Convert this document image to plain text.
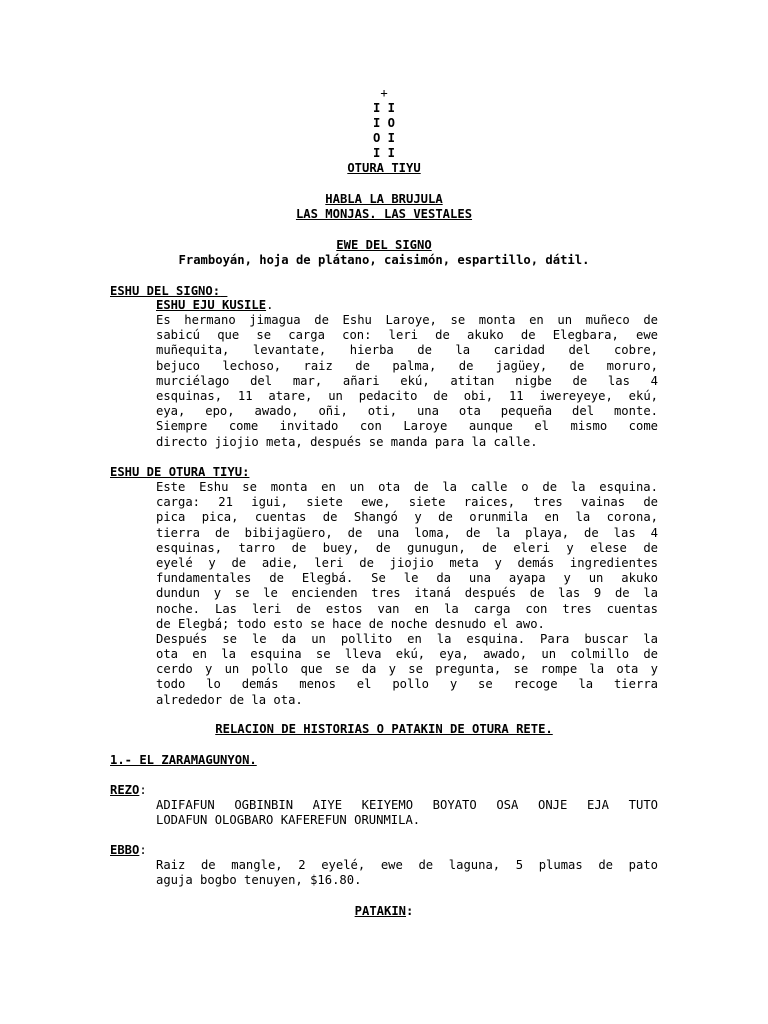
+
I I
I O
O I
I I
OTURA TIYU
HABLA LA BRUJULA
LAS MONJAS. LAS VESTALES
EWE DEL SIGNO
Framboyán, hoja de plátano, caisimón, espartillo, dátil.
ESHU DEL SIGNO:
ESHU EJU KUSILE.
Es hermano jimagua de Eshu Laroye, se monta en un muñeco de
sabicú que se carga con: leri de akuko de Elegbara, ewe
muñequita, levantate, hierba de la caridad del cobre,
bejuco lechoso, raiz de palma, de jagüey, de moruro,
murciélago del mar, añari ekú, atitan nigbe de las 4
esquinas, 11 atare, un pedacito de obi, 11 iwereyeye, ekú,
eya, epo, awado, oñi, oti, una ota pequeña del monte.
Siempre come invitado con Laroye aunque el mismo come
directo jiojio meta, después se manda para la calle.
ESHU DE OTURA TIYU:
Este Eshu se monta en un ota de la calle o de la esquina.
carga: 21 igui, siete ewe, siete raices, tres vainas de
pica pica, cuentas de Shangó y de orunmila en la corona,
tierra de bibijagüero, de una loma, de la playa, de las 4
esquinas, tarro de buey, de gunugun, de eleri y elese de
eyelé y de adie, leri de jiojio meta y demás ingredientes
fundamentales de Elegbá. Se le da una ayapa y un akuko
dundun y se le encienden tres itaná después de las 9 de la
noche. Las leri de estos van en la carga con tres cuentas
de Elegbá; todo esto se hace de noche desnudo el awo.
Después se le da un pollito en la esquina. Para buscar la
ota en la esquina se lleva ekú, eya, awado, un colmillo de
cerdo y un pollo que se da y se pregunta, se rompe la ota y
todo lo demás menos el pollo y se recoge la tierra
alrededor de la ota.
RELACION DE HISTORIAS O PATAKIN DE OTURA RETE.
1.- EL ZARAMAGUNYON.
REZO:
ADIFAFUN OGBINBIN AIYE KEIYEMO BOYATO OSA ONJE EJA TUTO
LODAFUN OLOGBARO KAFEREFUN ORUNMILA.
EBBO:
Raiz de mangle, 2 eyelé, ewe de laguna, 5 plumas de pato
aguja bogbo tenuyen, $16.80.
PATAKIN:
